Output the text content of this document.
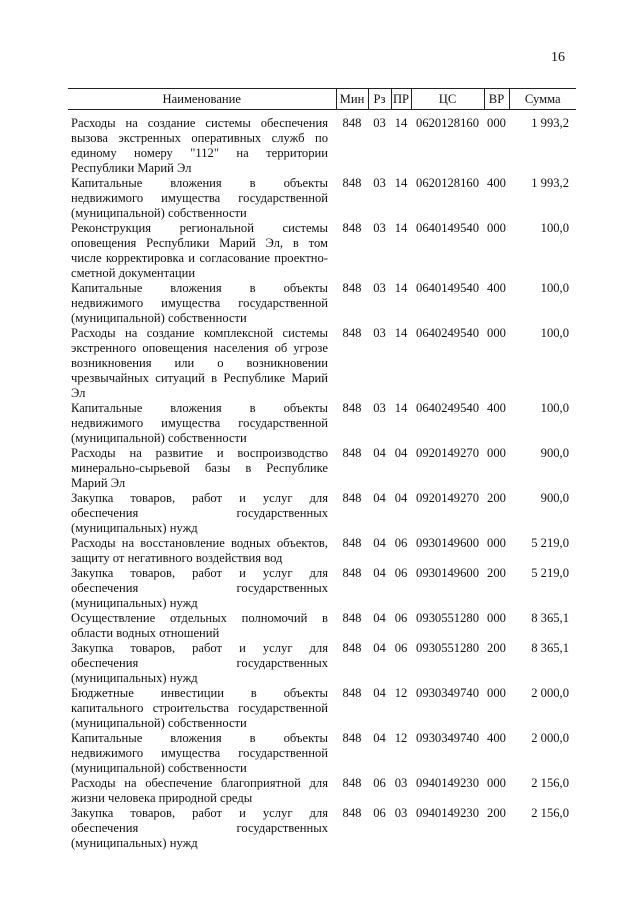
16
Наименование	Мин	Рз	ПР	ЦС	ВР	Сумма
Расходы на создание системы обеспечения вызова экстренных оперативных служб по единому номеру "112" на территории Республики Марий Эл	848	03	14	0620128160	000	1 993,2
Капитальные вложения в объекты недвижимого имущества государственной (муниципальной) собственности	848	03	14	0620128160	400	1 993,2
Реконструкция региональной системы оповещения Республики Марий Эл, в том числе корректировка и согласование проектно-сметной документации	848	03	14	0640149540	000	100,0
Капитальные вложения в объекты недвижимого имущества государственной (муниципальной) собственности	848	03	14	0640149540	400	100,0
Расходы на создание комплексной системы экстренного оповещения населения об угрозе возникновения или о возникновении чрезвычайных ситуаций в Республике Марий Эл	848	03	14	0640249540	000	100,0
Капитальные вложения в объекты недвижимого имущества государственной (муниципальной) собственности	848	03	14	0640249540	400	100,0
Расходы на развитие и воспроизводство минерально-сырьевой базы в Республике Марий Эл	848	04	04	0920149270	000	900,0
Закупка товаров, работ и услуг для обеспечения государственных (муниципальных) нужд	848	04	04	0920149270	200	900,0
Расходы на восстановление водных объектов, защиту от негативного воздействия вод	848	04	06	0930149600	000	5 219,0
Закупка товаров, работ и услуг для обеспечения государственных (муниципальных) нужд	848	04	06	0930149600	200	5 219,0
Осуществление отдельных полномочий в области водных отношений	848	04	06	0930551280	000	8 365,1
Закупка товаров, работ и услуг для обеспечения государственных (муниципальных) нужд	848	04	06	0930551280	200	8 365,1
Бюджетные инвестиции в объекты капитального строительства государственной (муниципальной) собственности	848	04	12	0930349740	000	2 000,0
Капитальные вложения в объекты недвижимого имущества государственной (муниципальной) собственности	848	04	12	0930349740	400	2 000,0
Расходы на обеспечение благоприятной для жизни человека природной среды	848	06	03	0940149230	000	2 156,0
Закупка товаров, работ и услуг для обеспечения государственных (муниципальных) нужд	848	06	03	0940149230	200	2 156,0
